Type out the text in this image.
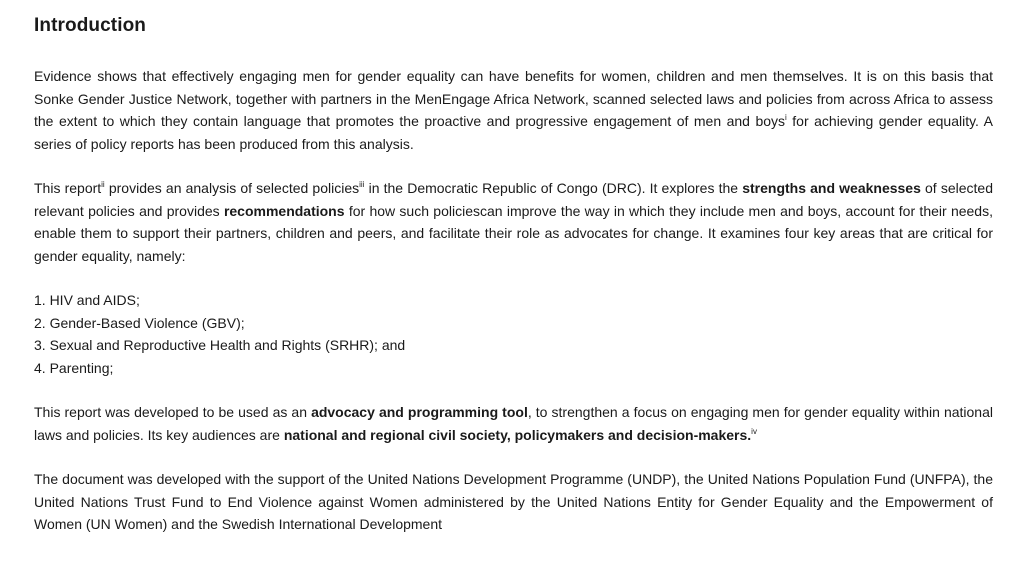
Introduction

Evidence shows that effectively engaging men for gender equality can have benefits for women, children and men themselves. It is on this basis that Sonke Gender Justice Network, together with partners in the MenEngage Africa Network, scanned selected laws and policies from across Africa to assess the extent to which they contain language that promotes the proactive and progressive engagement of men and boys$^i$ for achieving gender equality. A series of policy reports has been produced from this analysis.

This report$^{ii}$ provides an analysis of selected policies$^{iii}$ in the Democratic Republic of Congo (DRC). It explores the strengths and weaknesses of selected relevant policies and provides recommendations for how such policiescan improve the way in which they include men and boys, account for their needs, enable them to support their partners, children and peers, and facilitate their role as advocates for change. It examines four key areas that are critical for gender equality, namely:

1. HIV and AIDS;
2. Gender-Based Violence (GBV);
3. Sexual and Reproductive Health and Rights (SRHR); and
4. Parenting;

This report was developed to be used as an advocacy and programming tool, to strengthen a focus on engaging men for gender equality within national laws and policies. Its key audiences are national and regional civil society, policymakers and decision-makers.$^{iv}$

The document was developed with the support of the United Nations Development Programme (UNDP), the United Nations Population Fund (UNFPA), the United Nations Trust Fund to End Violence against Women administered by the United Nations Entity for Gender Equality and the Empowerment of Women (UN Women) and the Swedish International Development
